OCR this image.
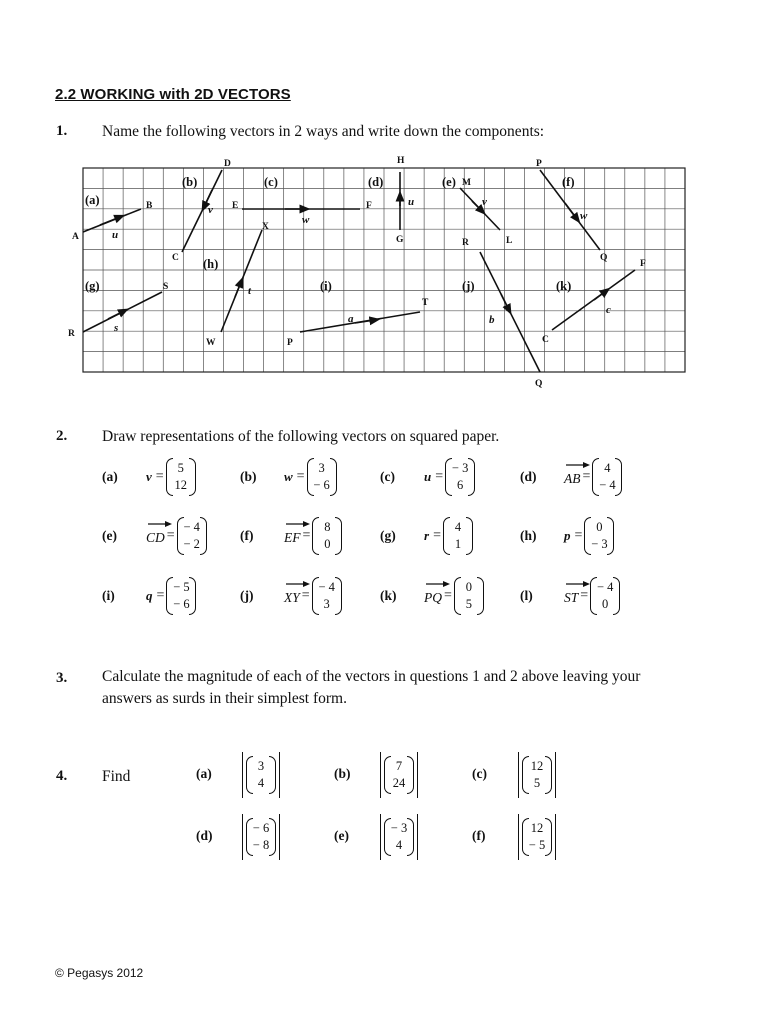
2.2 WORKING with 2D VECTORS
1. Name the following vectors in 2 ways and write down the components:
A
B
C
D
E	F
H
G
M
L
R
P
Q
F
X
W
S
R
P
T
C
Q
u
v
w
u	v
w
t
s
a	b
c
(a)
(b)	(c)	(d)	(e)	(f)
(g)
(h)
(i)	(j)	(k)
2. Draw representations of the following vectors on squared paper.
(a) v =
5
12
(b) w =
3
− 6
(c) u =
− 3
6
(d) AB =
4
− 4
(e) CD =
− 4
− 2
(f) EF =
8
0
(g) r =
4
1
(h) p =
0
− 3
(i) q =
− 5
− 6
(j) XY =
− 4
3
(k) PQ =
0
5
(l) ST =
− 4
0
3. Calculate the magnitude of each of the vectors in questions 1 and 2 above leaving your
answers as surds in their simplest form.
4. Find	(a)	3
4
(b)	7
24
(c)	12
5
(d)	− 6
− 8
(e)	− 3
4
(f)	12
− 5
© Pegasys 2012
